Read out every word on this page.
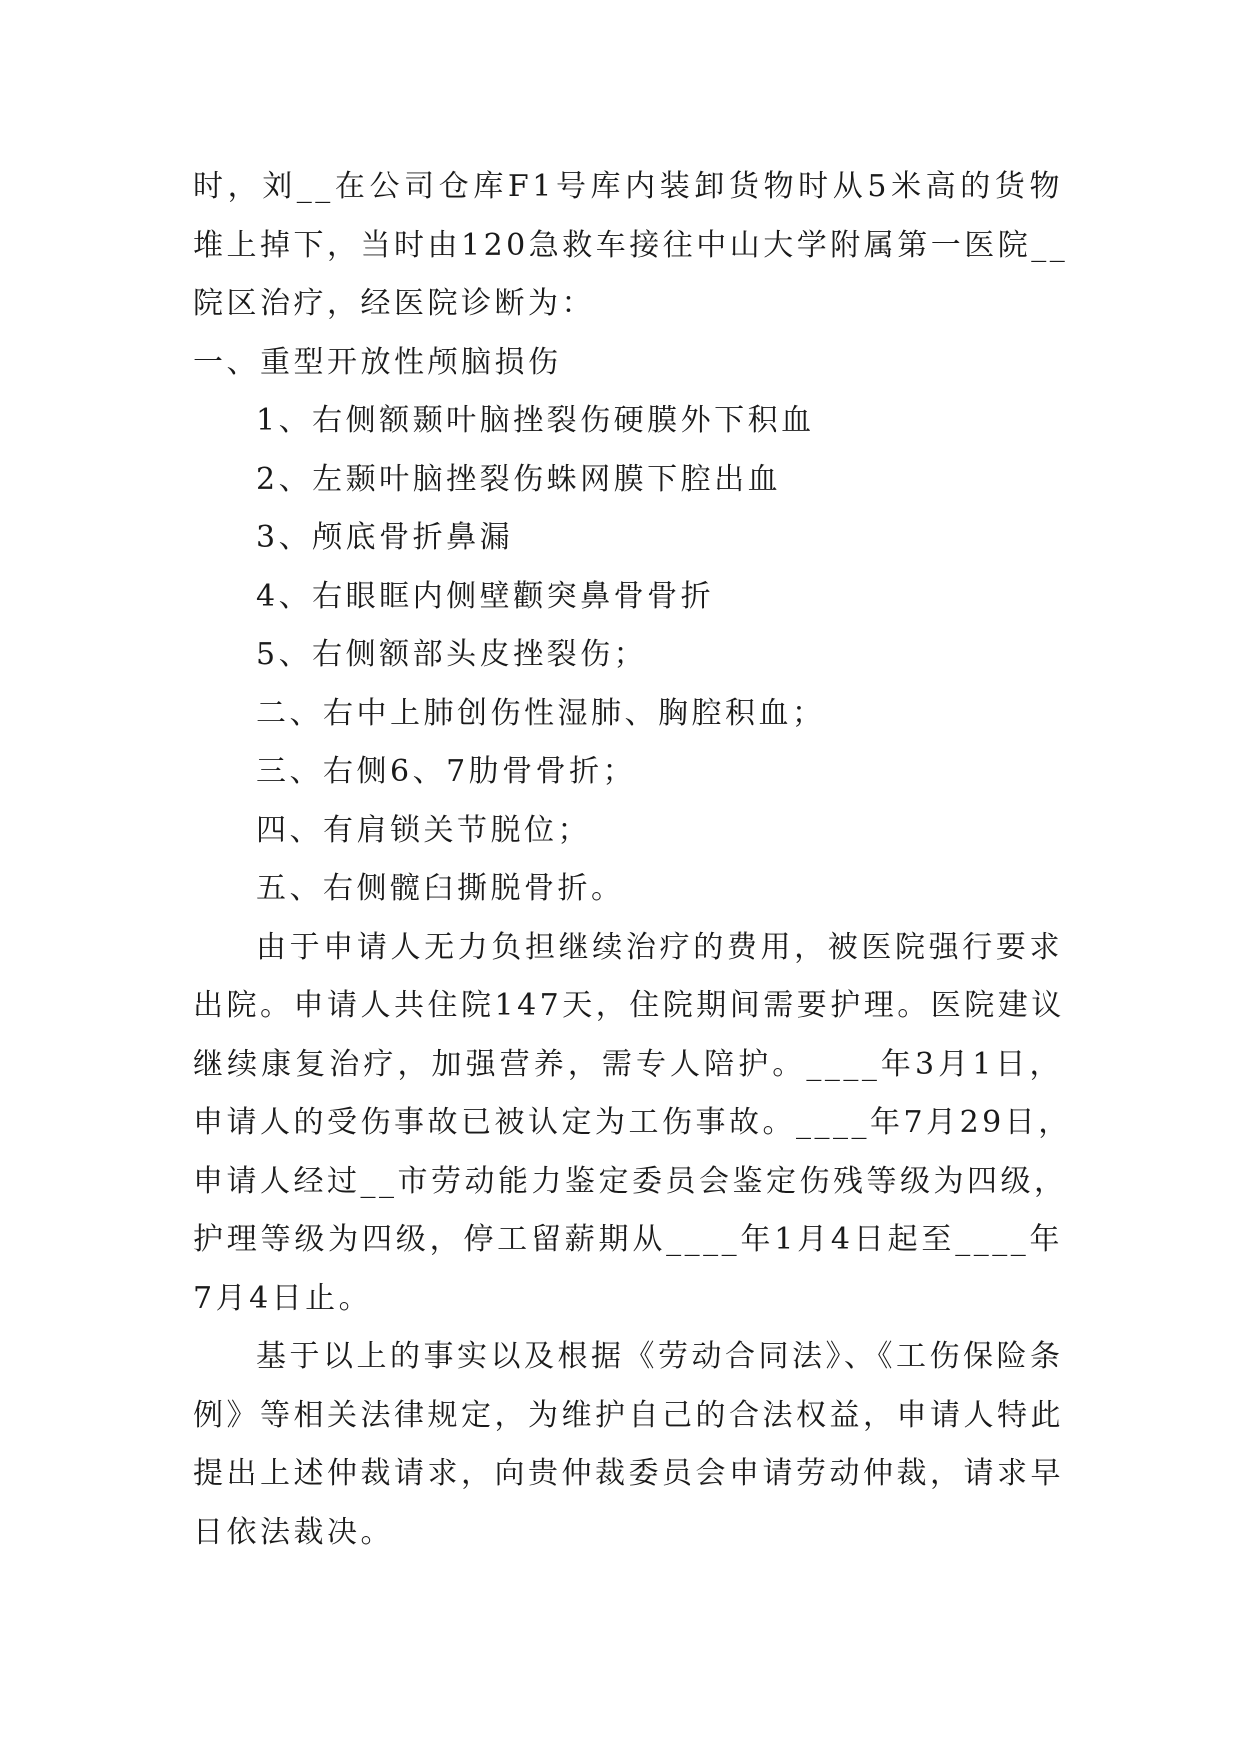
时，刘__在公司仓库F1号库内装卸货物时从5米高的货物
堆上掉下，当时由120急救车接往中山大学附属第一医院__
院区治疗，经医院诊断为：
一、重型开放性颅脑损伤
1、右侧额颞叶脑挫裂伤硬膜外下积血
2、左颞叶脑挫裂伤蛛网膜下腔出血
3、颅底骨折鼻漏
4、右眼眶内侧壁颧突鼻骨骨折
5、右侧额部头皮挫裂伤；
二、右中上肺创伤性湿肺、胸腔积血；
三、右侧6、7肋骨骨折；
四、有肩锁关节脱位；
五、右侧髋臼撕脱骨折。
由于申请人无力负担继续治疗的费用，被医院强行要求
出院。申请人共住院147天，住院期间需要护理。医院建议
继续康复治疗，加强营养，需专人陪护。____年3月1日，
申请人的受伤事故已被认定为工伤事故。____年7月29日，
申请人经过__市劳动能力鉴定委员会鉴定伤残等级为四级，
护理等级为四级，停工留薪期从____年1月4日起至____年
7月4日止。
基于以上的事实以及根据《劳动合同法》、《工伤保险条
例》等相关法律规定，为维护自己的合法权益，申请人特此
提出上述仲裁请求，向贵仲裁委员会申请劳动仲裁，请求早
日依法裁决。
